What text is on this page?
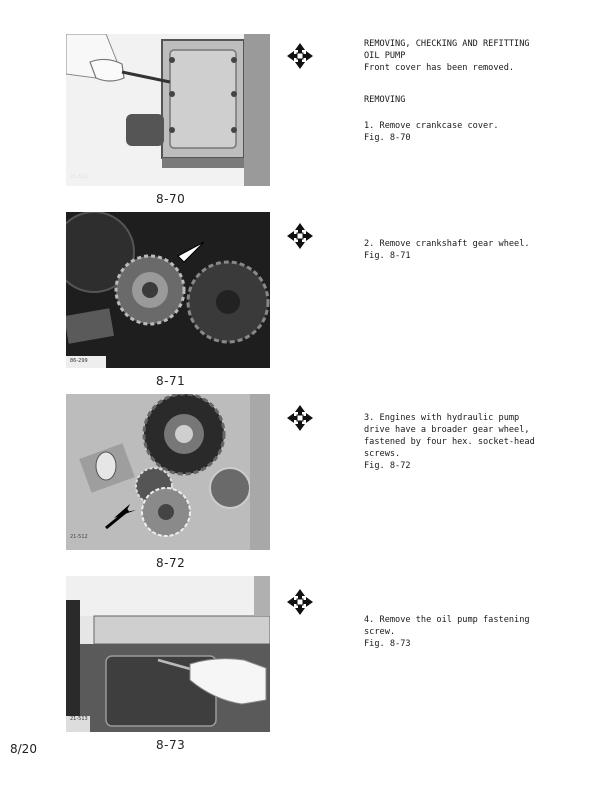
21-511
8-70
86-299
8-71
21-512
8-72
21-513
8-73
REMOVING, CHECKING AND REFITTING
OIL PUMP
Front cover has been removed.
REMOVING
1. Remove crankcase cover.
Fig. 8-70
2. Remove crankshaft gear wheel.
Fig. 8-71
3. Engines with hydraulic pump
drive have a broader gear wheel,
fastened by four hex. socket-head
screws.
Fig. 8-72
4. Remove the oil pump fastening
screw.
Fig. 8-73
8/20
